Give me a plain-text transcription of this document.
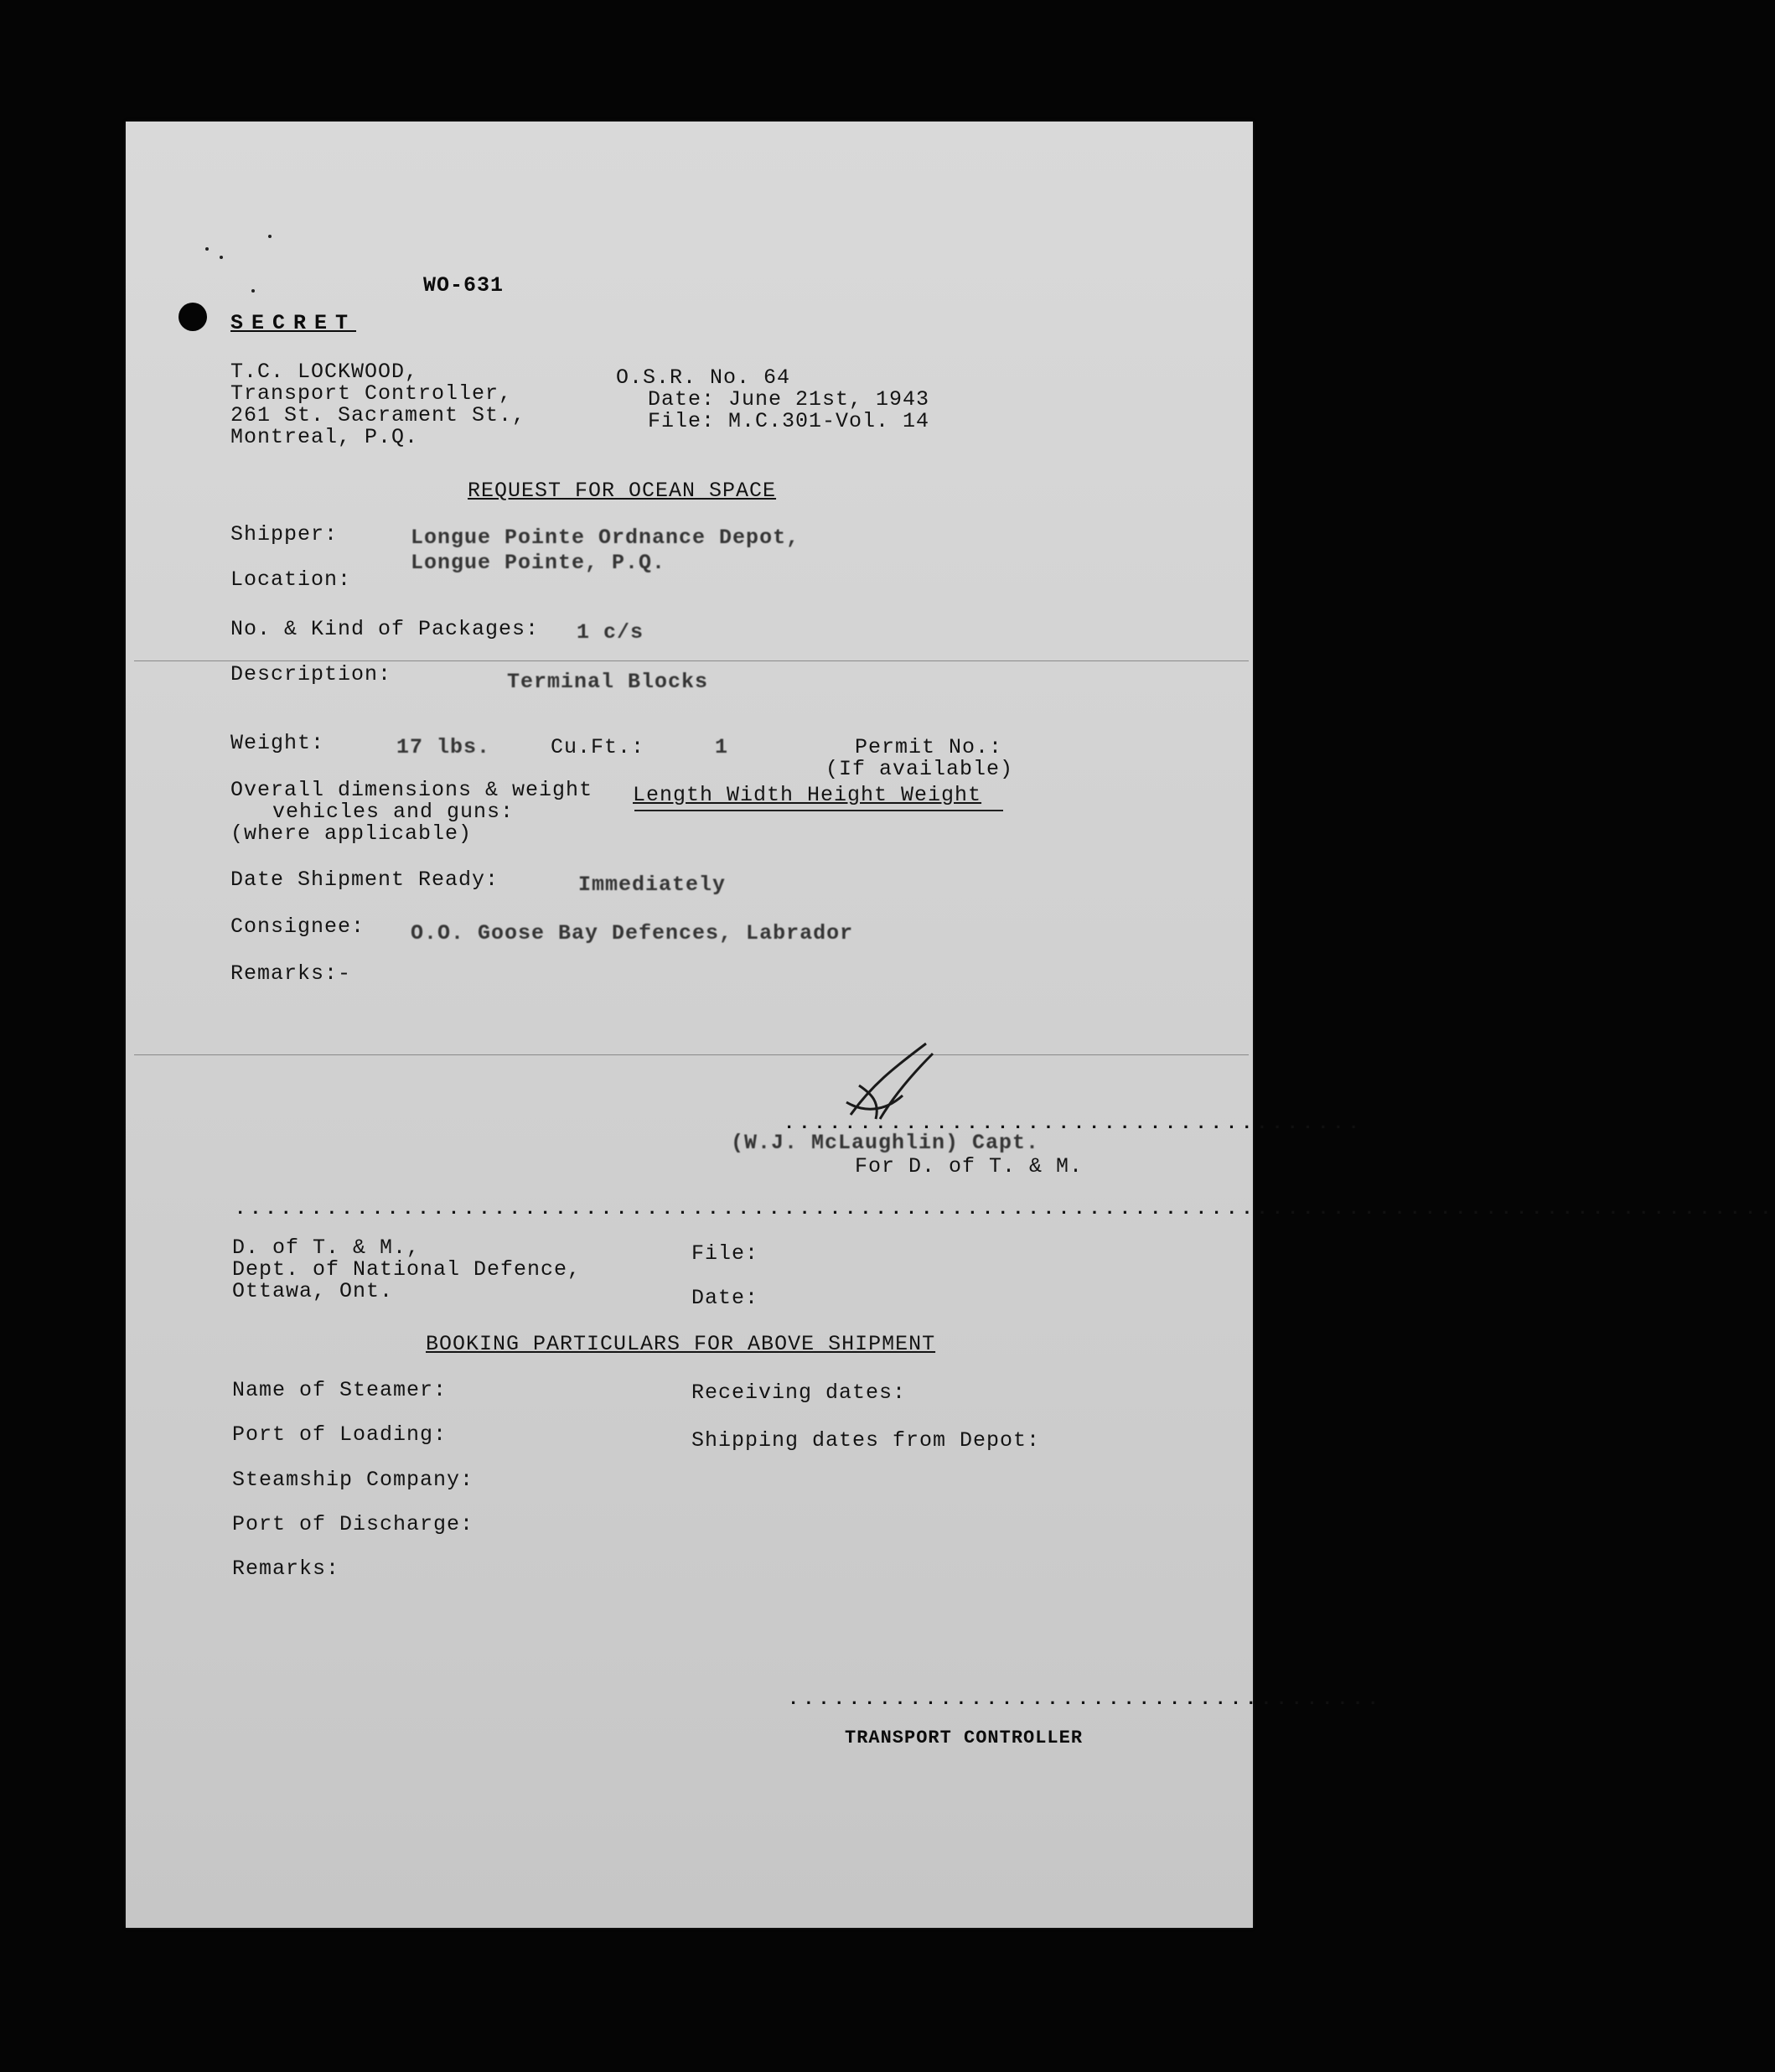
WO-631
SECRET
T.C. LOCKWOOD,
Transport Controller,
261 St. Sacrament St.,
Montreal, P.Q.
O.S.R. No. 64
Date: June 21st, 1943
File: M.C.301-Vol. 14
REQUEST FOR OCEAN SPACE
Shipper:	Longue Pointe Ordnance Depot,
Longue Pointe, P.Q.
Location:
No. & Kind of Packages: 1 c/s
Description:	Terminal Blocks
Weight:	17 lbs.	Cu.Ft.:	1	Permit No.:
(If available)
Overall dimensions & weight
vehicles and guns:
(where applicable)
Length Width Height Weight
Date Shipment Ready:	Immediately
Consignee: O.O. Goose Bay Defences, Labrador
Remarks:-
......................................
(W.J. McLaughlin) Capt.
For D. of T. & M.
.....................................................................................................
D. of T. & M.,
Dept. of National Defence,
Ottawa, Ont.
File:
Date:
BOOKING PARTICULARS FOR ABOVE SHIPMENT
Name of Steamer:	Receiving dates:
Port of Loading:	Shipping dates from Depot:
Steamship Company:
Port of Discharge:
Remarks:
.......................................
TRANSPORT CONTROLLER
